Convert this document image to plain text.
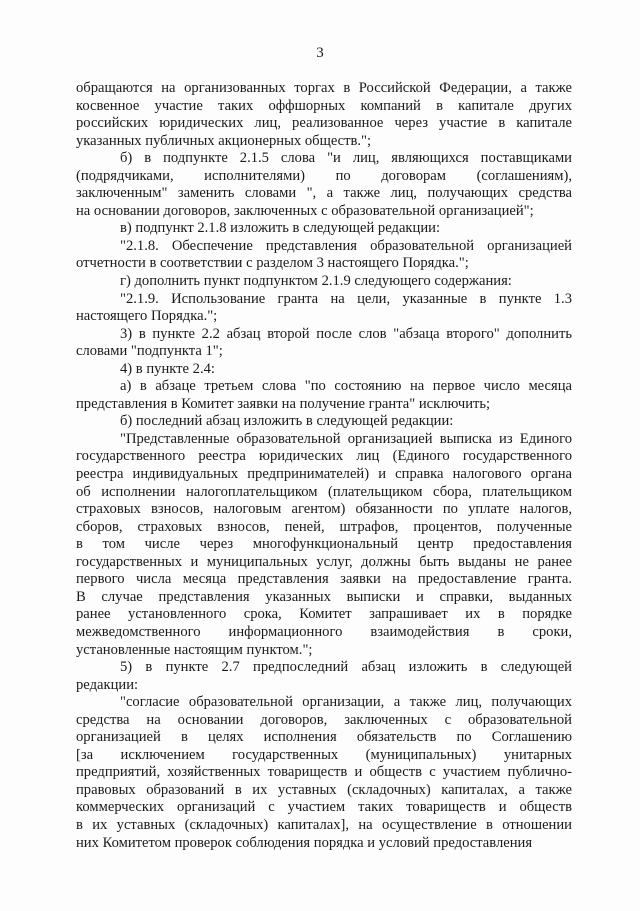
3
обращаются на организованных торгах в Российской Федерации, а также
косвенное участие таких оффшорных компаний в капитале других
российских юридических лиц, реализованное через участие в капитале
указанных публичных акционерных обществ.";
б) в подпункте 2.1.5 слова "и лиц, являющихся поставщиками
(подрядчиками, исполнителями) по договорам (соглашениям),
заключенным" заменить словами ", а также лиц, получающих средства
на основании договоров, заключенных с образовательной организацией";
в) подпункт 2.1.8 изложить в следующей редакции:
"2.1.8. Обеспечение представления образовательной организацией
отчетности в соответствии с разделом 3 настоящего Порядка.";
г) дополнить пункт подпунктом 2.1.9 следующего содержания:
"2.1.9. Использование гранта на цели, указанные в пункте 1.3
настоящего Порядка.";
3) в пункте 2.2 абзац второй после слов "абзаца второго" дополнить
словами "подпункта 1";
4) в пункте 2.4:
а) в абзаце третьем слова "по состоянию на первое число месяца
представления в Комитет заявки на получение гранта" исключить;
б) последний абзац изложить в следующей редакции:
"Представленные образовательной организацией выписка из Единого
государственного реестра юридических лиц (Единого государственного
реестра индивидуальных предпринимателей) и справка налогового органа
об исполнении налогоплательщиком (плательщиком сбора, плательщиком
страховых взносов, налоговым агентом) обязанности по уплате налогов,
сборов, страховых взносов, пеней, штрафов, процентов, полученные
в том числе через многофункциональный центр предоставления
государственных и муниципальных услуг, должны быть выданы не ранее
первого числа месяца представления заявки на предоставление гранта.
В случае представления указанных выписки и справки, выданных
ранее установленного срока, Комитет запрашивает их в порядке
межведомственного информационного взаимодействия в сроки,
установленные настоящим пунктом.";
5) в пункте 2.7 предпоследний абзац изложить в следующей
редакции:
"согласие образовательной организации, а также лиц, получающих
средства на основании договоров, заключенных с образовательной
организацией в целях исполнения обязательств по Соглашению
[за исключением государственных (муниципальных) унитарных
предприятий, хозяйственных товариществ и обществ с участием публично-
правовых образований в их уставных (складочных) капиталах, а также
коммерческих организаций с участием таких товариществ и обществ
в их уставных (складочных) капиталах], на осуществление в отношении
них Комитетом проверок соблюдения порядка и условий предоставления
